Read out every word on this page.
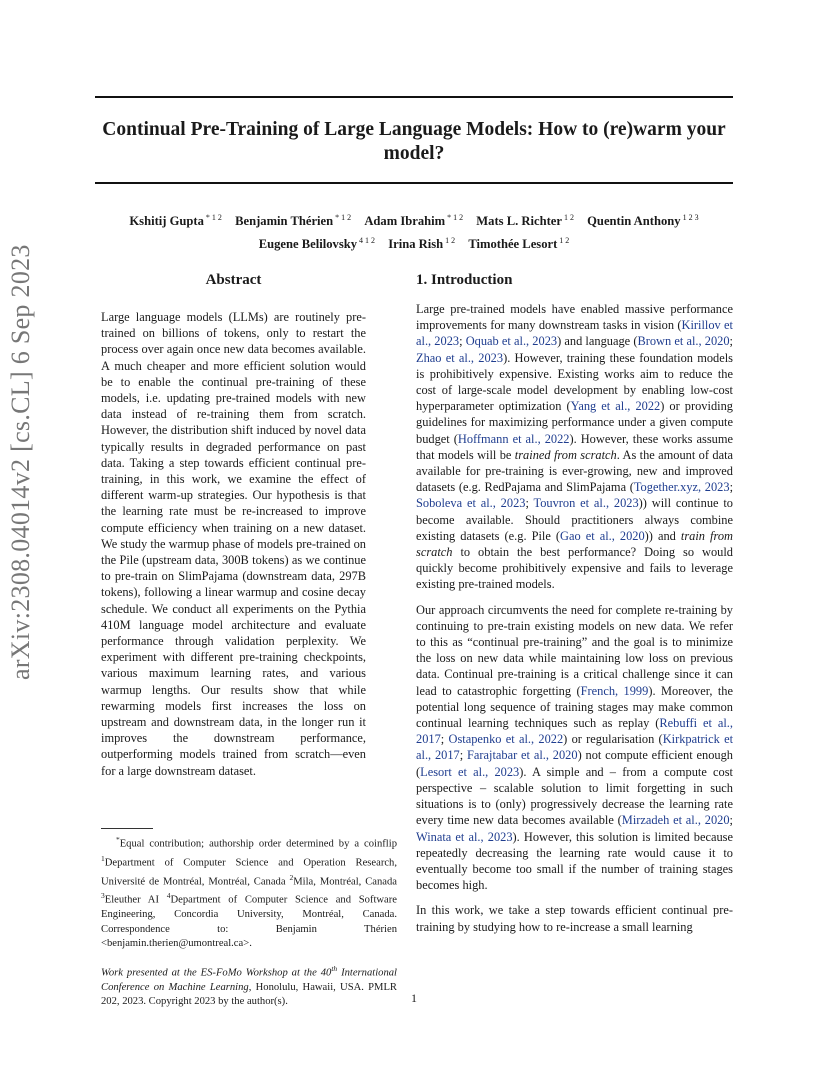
Continual Pre-Training of Large Language Models: How to (re)warm your model?
Kshitij Gupta $^{* 1 2}$ Benjamin Thérien $^{* 1 2}$ Adam Ibrahim $^{* 1 2}$ Mats L. Richter $^{1 2}$ Quentin Anthony $^{1 2 3}$
Eugene Belilovsky $^{4 1 2}$ Irina Rish $^{1 2}$ Timothée Lesort $^{1 2}$
arXiv:2308.04014v2 [cs.CL] 6 Sep 2023	Abstract
Large language models (LLMs) are routinely pre-trained on billions of tokens, only to restart the process over again once new data becomes available. A much cheaper and more efficient solution would be to enable the continual pre-training of these models, i.e. updating pre-trained models with new data instead of re-training them from scratch. However, the distribution shift induced by novel data typically results in degraded performance on past data. Taking a step towards efficient continual pre-training, in this work, we examine the effect of different warm-up strategies. Our hypothesis is that the learning rate must be re-increased to improve compute efficiency when training on a new dataset. We study the warmup phase of models pre-trained on the Pile (upstream data, 300B tokens) as we continue to pre-train on SlimPajama (downstream data, 297B tokens), following a linear warmup and cosine decay schedule. We conduct all experiments on the Pythia 410M language model architecture and evaluate performance through validation perplexity. We experiment with different pre-training checkpoints, various maximum learning rates, and various warmup lengths. Our results show that while rewarming models first increases the loss on upstream and downstream data, in the longer run it improves the downstream performance, outperforming models trained from scratch—even for a large downstream dataset.
*Equal contribution; authorship order determined by a coinflip $^1$Department of Computer Science and Operation Research, Université de Montréal, Montréal, Canada $^2$Mila, Montréal, Canada $^3$Eleuther AI $^4$Department of Computer Science and Software Engineering, Concordia University, Montréal, Canada. Correspondence to: Benjamin Thérien <benjamin.therien@umontreal.ca>.
Work presented at the ES-FoMo Workshop at the 40th International Conference on Machine Learning, Honolulu, Hawaii, USA. PMLR 202, 2023. Copyright 2023 by the author(s).
1. Introduction

Large pre-trained models have enabled massive performance improvements for many downstream tasks in vision (Kirillov et al., 2023; Oquab et al., 2023) and language (Brown et al., 2020; Zhao et al., 2023). However, training these foundation models is prohibitively expensive. Existing works aim to reduce the cost of large-scale model development by enabling low-cost hyperparameter optimization (Yang et al., 2022) or providing guidelines for maximizing performance under a given compute budget (Hoffmann et al., 2022). However, these works assume that models will be trained from scratch. As the amount of data available for pre-training is ever-growing, new and improved datasets (e.g. RedPajama and SlimPajama (Together.xyz, 2023; Soboleva et al., 2023; Touvron et al., 2023)) will continue to become available. Should practitioners always combine existing datasets (e.g. Pile (Gao et al., 2020)) and train from scratch to obtain the best performance? Doing so would quickly become prohibitively expensive and fails to leverage existing pre-trained models.

Our approach circumvents the need for complete re-training by continuing to pre-train existing models on new data. We refer to this as “continual pre-training” and the goal is to minimize the loss on new data while maintaining low loss on previous data. Continual pre-training is a critical challenge since it can lead to catastrophic forgetting (French, 1999). Moreover, the potential long sequence of training stages may make common continual learning techniques such as replay (Rebuffi et al., 2017; Ostapenko et al., 2022) or regularisation (Kirkpatrick et al., 2017; Farajtabar et al., 2020) not compute efficient enough (Lesort et al., 2023). A simple and – from a compute cost perspective – scalable solution to limit forgetting in such situations is to (only) progressively decrease the learning rate every time new data becomes available (Mirzadeh et al., 2020; Winata et al., 2023). However, this solution is limited because repeatedly decreasing the learning rate would cause it to eventually become too small if the number of training stages becomes high.

In this work, we take a step towards efficient continual pre-training by studying how to re-increase a small learning

1
